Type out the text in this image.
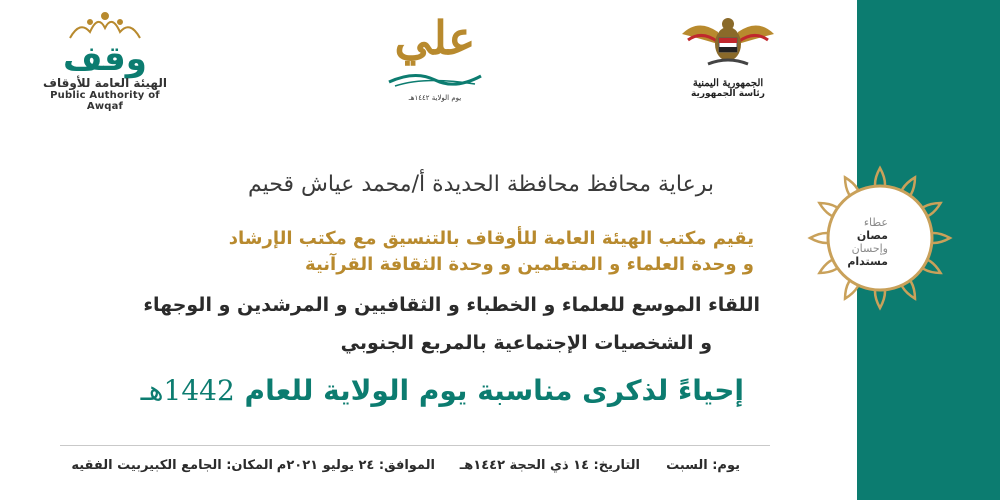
عطاء
مصان
وإحسان
مستدام
وقف
الهيئة العامة للأوقاف
Public Authority of Awqaf
علي
يوم الولاية ١٤٤٢هـ
الجمهورية اليمنية
رئاسة الجمهورية
برعاية محافظ محافظة الحديدة أ/محمد عياش قحيم
يقيم مكتب الهيئة العامة للأوقاف بالتنسيق مع مكتب الإرشاد
و وحدة العلماء و المتعلمين و وحدة الثقافة القرآنية
اللقاء الموسع للعلماء و الخطباء و الثقافيين و المرشدين و الوجهاء
و الشخصيات الإجتماعية بالمربع الجنوبي
إحياءً لذكرى مناسبة يوم الولاية للعام 1442هـ
يوم: السبت
التاريخ: ١٤ ذي الحجة ١٤٤٢هـ
الموافق: ٢٤ يوليو ٢٠٢١م
المكان: الجامع الكبيربيت الفقيه
